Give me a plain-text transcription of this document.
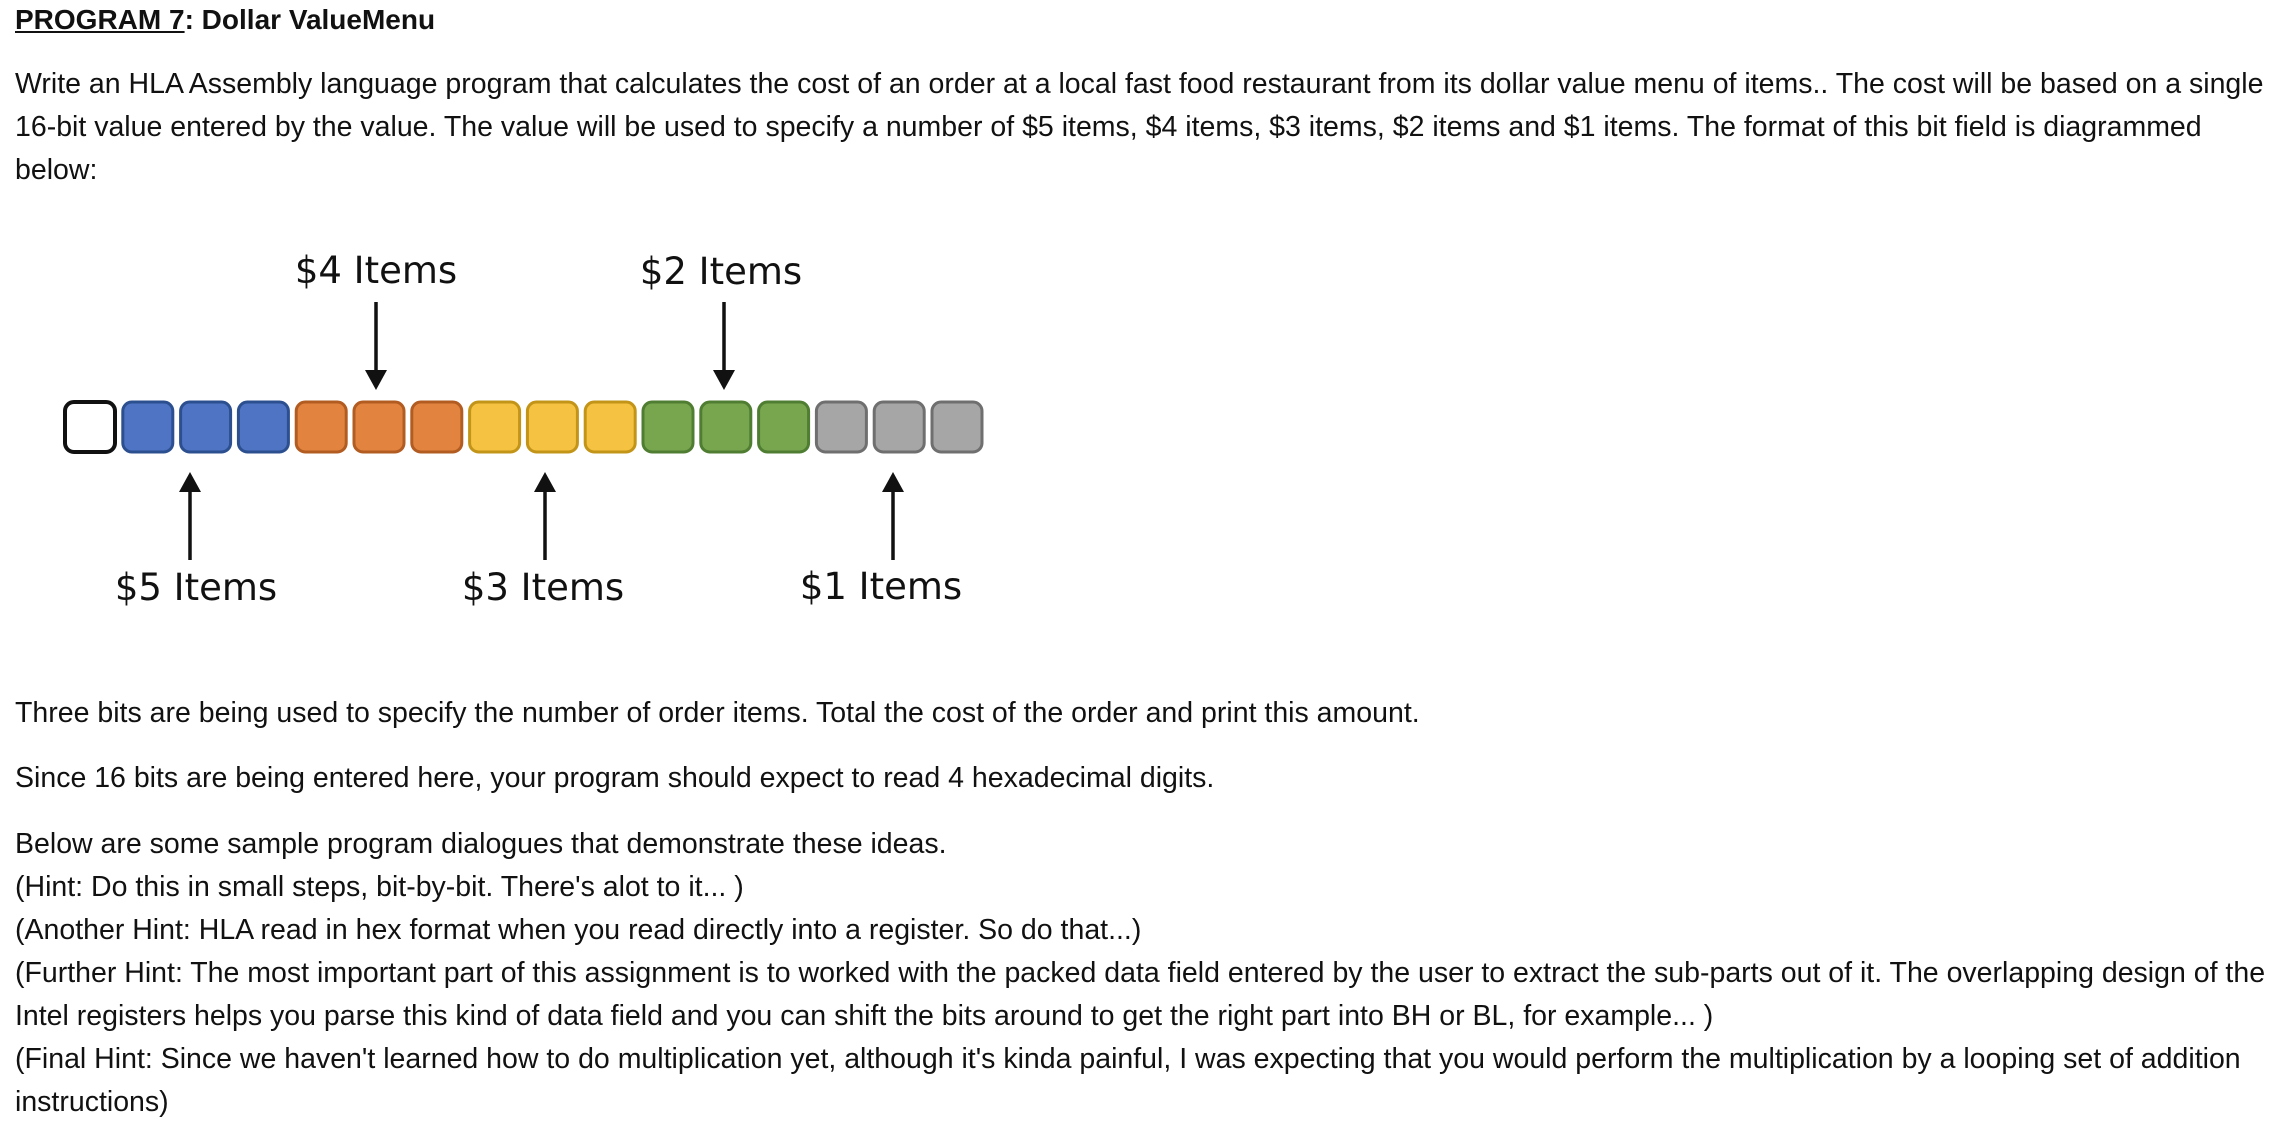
PROGRAM 7: Dollar ValueMenu

Write an HLA Assembly language program that calculates the cost of an order at a local fast food restaurant from its dollar value menu of items.. The cost will be based on a single 16-bit value entered by the value. The value will be used to specify a number of $5 items, $4 items, $3 items, $2 items and $1 items. The format of this bit field is diagrammed below:

$4 Items	$2 Items
$5 Items	$3 Items	$1 Items

Three bits are being used to specify the number of order items. Total the cost of the order and print this amount.

Since 16 bits are being entered here, your program should expect to read 4 hexadecimal digits.

Below are some sample program dialogues that demonstrate these ideas.
(Hint: Do this in small steps, bit-by-bit. There's alot to it... )
(Another Hint: HLA read in hex format when you read directly into a register. So do that...)
(Further Hint: The most important part of this assignment is to worked with the packed data field entered by the user to extract the sub-parts out of it. The overlapping design of the Intel registers helps you parse this kind of data field and you can shift the bits around to get the right part into BH or BL, for example... )
(Final Hint: Since we haven't learned how to do multiplication yet, although it's kinda painful, I was expecting that you would perform the multiplication by a looping set of addition instructions)
